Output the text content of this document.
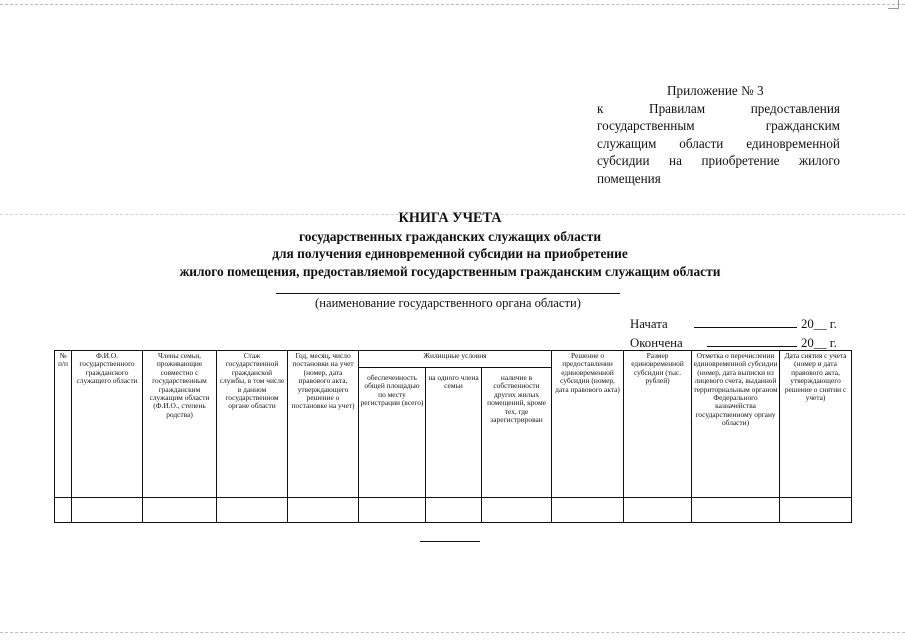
Приложение № 3
к	Правилам	предоставления
государственным	гражданским
служащим области единовременной
субсидии на приобретение жилого
помещения
КНИГА УЧЕТА
государственных гражданских служащих области
для получения единовременной субсидии на приобретение
жилого помещения, предоставляемой государственным гражданским служащим области
(наименование государственного органа области)
Начата	20__ г.
Окончена	20__ г.
№ п/п	Ф.И.О. государственного гражданского служащего области	Члены семьи, проживающие совместно с государственным гражданским служащим области (Ф.И.О., степень родства)	Стаж государственной гражданской службы, в том числе в данном государственном органе области	Год, месяц, число постановки на учет (номер, дата правового акта, утверждающего решение о постановке на учет)	Жилищные условия			Решение о предоставлении единовременной субсидии (номер, дата правового акта)	Размер единовременной субсидии (тыс. рублей)	Отметка о перечислении единовременной субсидии (номер, дата выписки из лицевого счета, выданной территориальным органом Федерального казначейства государственному органу области)	Дата снятия с учета (номер и дата правового акта, утверждающего решение о снятии с учета)
					обеспеченность общей площадью по месту регистрации (всего)	на одного члена семьи	наличие в собственности других жилых помещений, кроме тех, где зарегистрирован				
